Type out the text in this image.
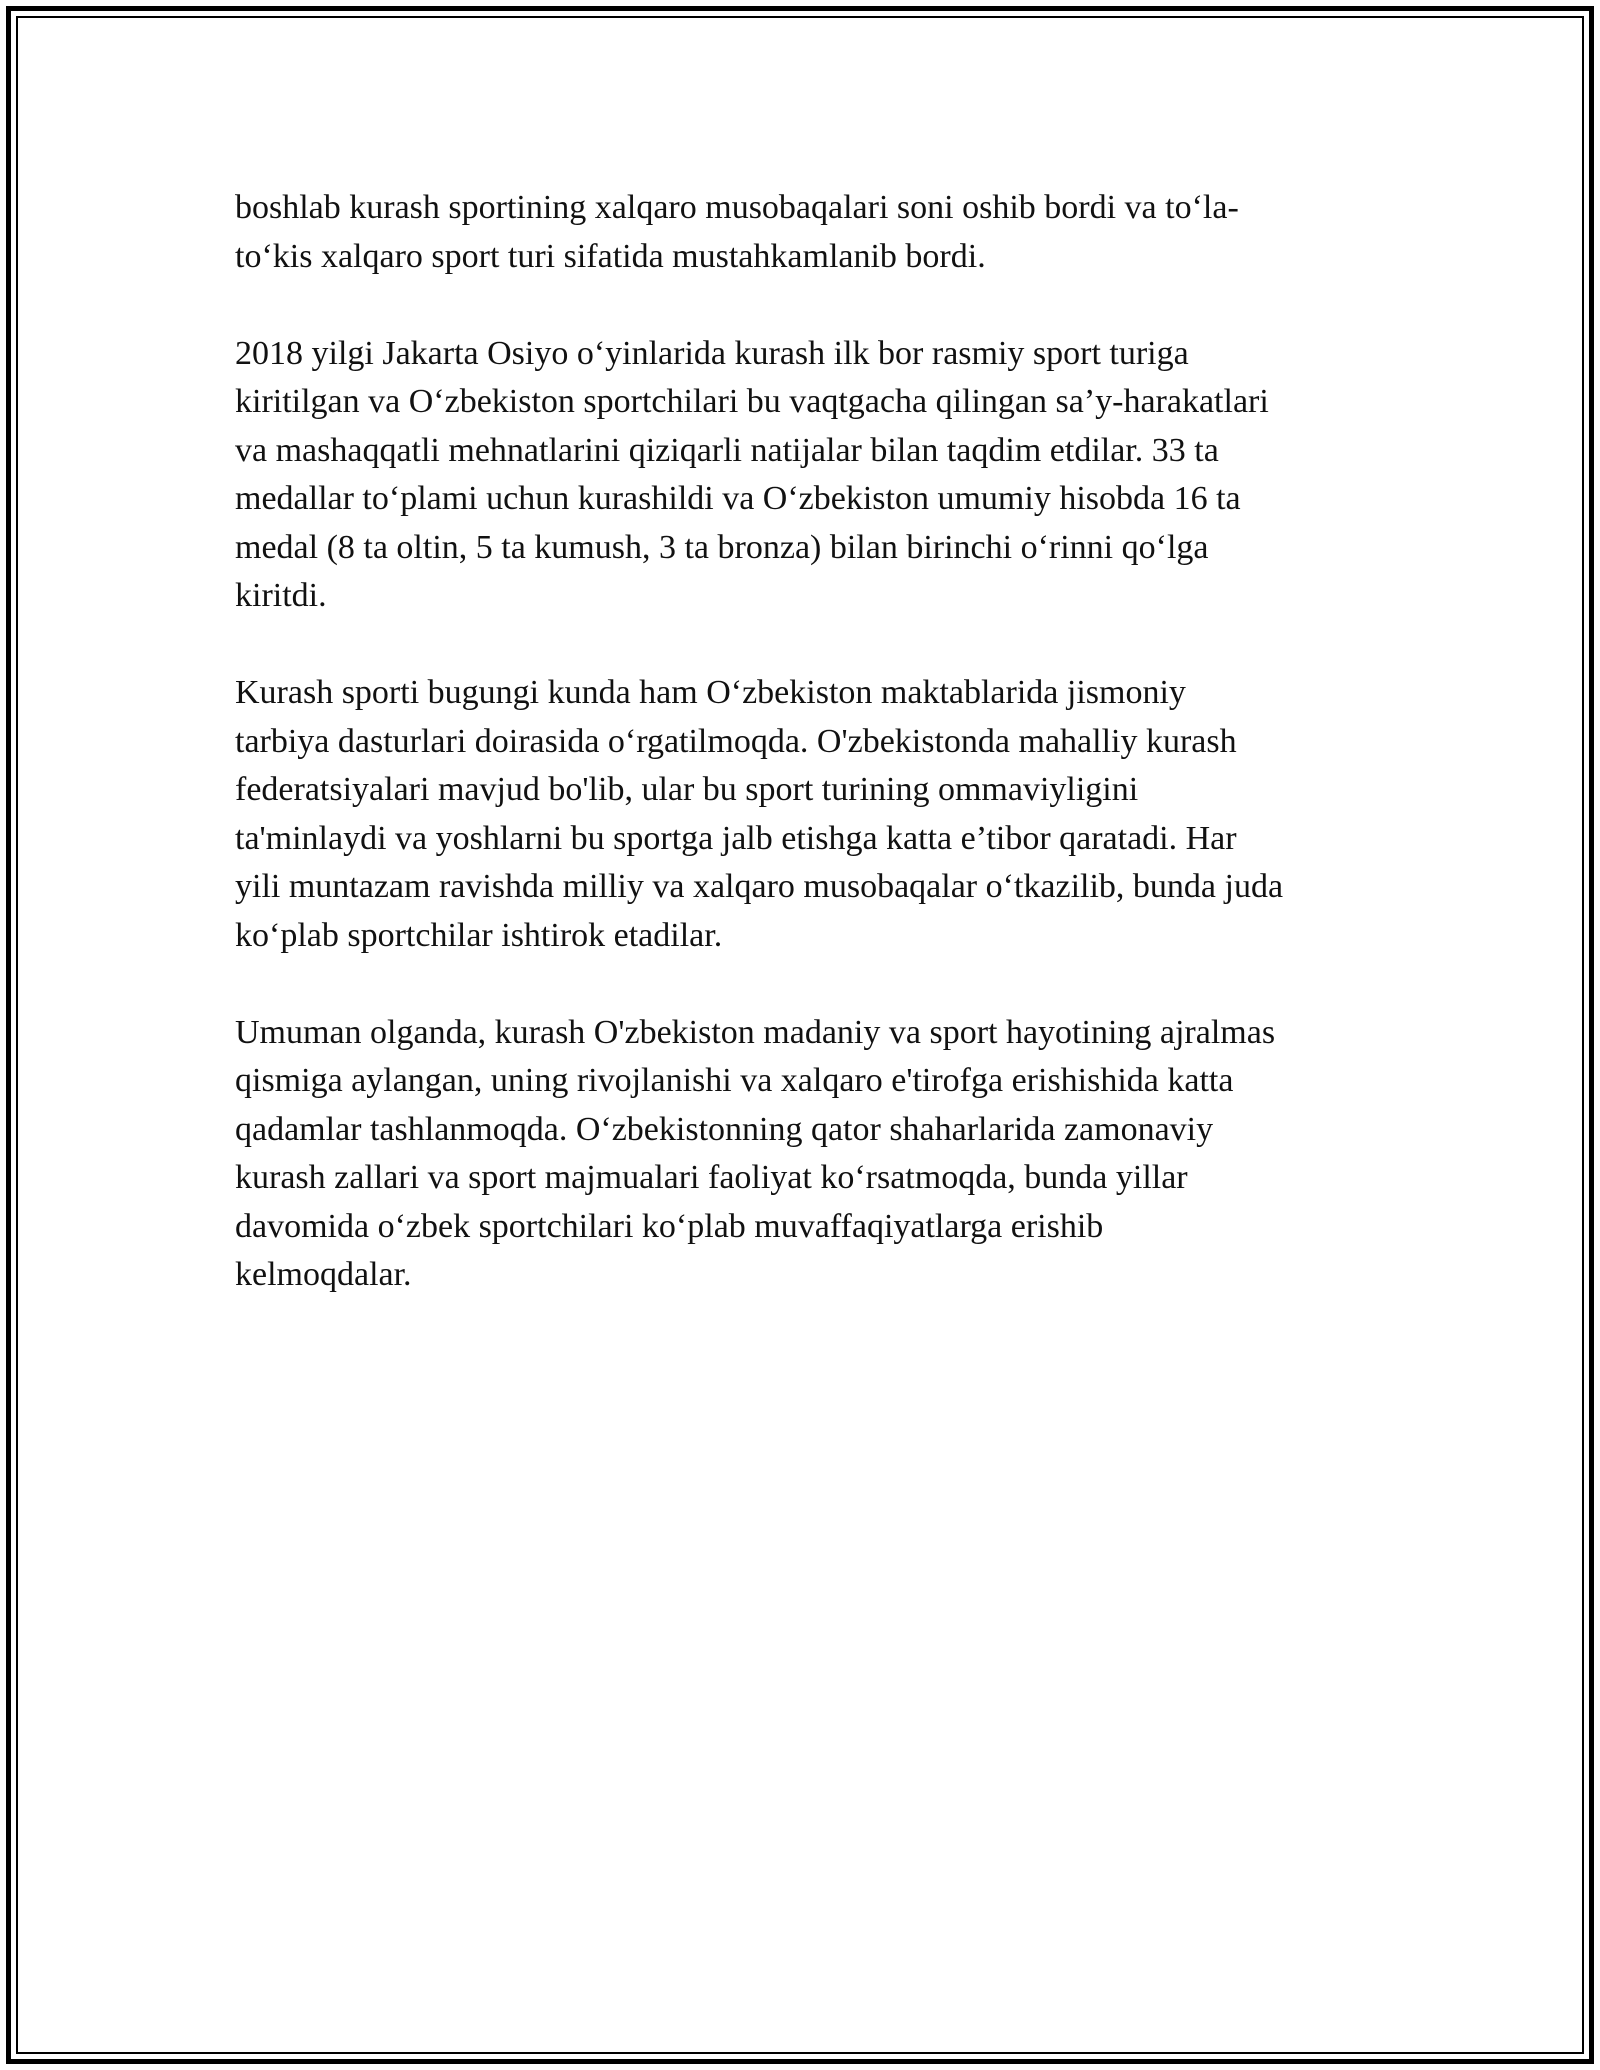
boshlab kurash sportining xalqaro musobaqalari soni oshib bordi va to‘la-
to‘kis xalqaro sport turi sifatida mustahkamlanib bordi.

2018 yilgi Jakarta Osiyo o‘yinlarida kurash ilk bor rasmiy sport turiga
kiritilgan va O‘zbekiston sportchilari bu vaqtgacha qilingan sa’y-harakatlari
va mashaqqatli mehnatlarini qiziqarli natijalar bilan taqdim etdilar. 33 ta
medallar to‘plami uchun kurashildi va O‘zbekiston umumiy hisobda 16 ta
medal (8 ta oltin, 5 ta kumush, 3 ta bronza) bilan birinchi o‘rinni qo‘lga
kiritdi.

Kurash sporti bugungi kunda ham O‘zbekiston maktablarida jismoniy
tarbiya dasturlari doirasida o‘rgatilmoqda. O'zbekistonda mahalliy kurash
federatsiyalari mavjud bo'lib, ular bu sport turining ommaviyligini
ta'minlaydi va yoshlarni bu sportga jalb etishga katta e’tibor qaratadi. Har
yili muntazam ravishda milliy va xalqaro musobaqalar o‘tkazilib, bunda juda
ko‘plab sportchilar ishtirok etadilar.

Umuman olganda, kurash O'zbekiston madaniy va sport hayotining ajralmas
qismiga aylangan, uning rivojlanishi va xalqaro e'tirofga erishishida katta
qadamlar tashlanmoqda. O‘zbekistonning qator shaharlarida zamonaviy
kurash zallari va sport majmualari faoliyat ko‘rsatmoqda, bunda yillar
davomida o‘zbek sportchilari ko‘plab muvaffaqiyatlarga erishib
kelmoqdalar.
